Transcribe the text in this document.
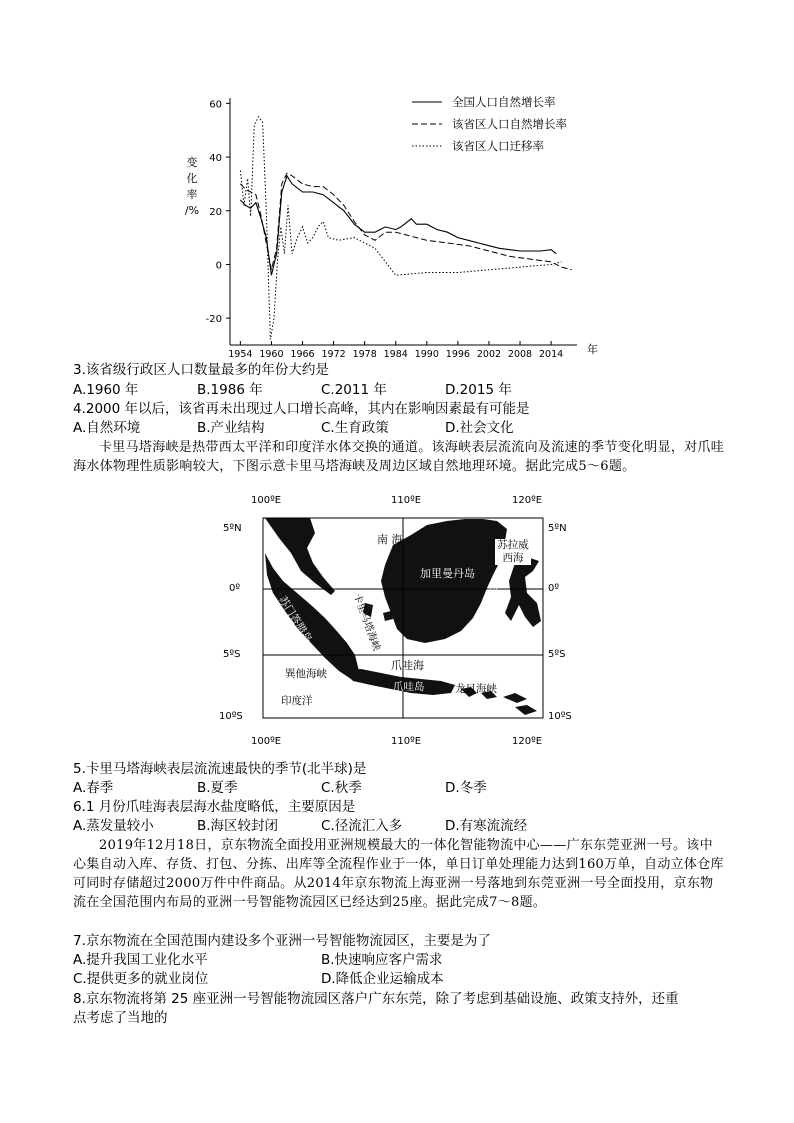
60
40
20
0
-20
1954 1960 1966 1972 1978 1984 1990 1996 2002 2008 2014 年
变
化
率
/%
全国人口自然增长率
该省区人口自然增长率
该省区人口迁移率
3.该省级行政区人口数量最多的年份大约是
A.1960 年	B.1986 年	C.2011 年	D.2015 年
4.2000 年以后，该省再未出现过人口增长高峰，其内在影响因素最有可能是
A.自然环境	B.产业结构	C.生育政策	D.社会文化
卡里马塔海峡是热带西太平洋和印度洋水体交换的通道。该海峡表层流流向及流速的季节变化明显，对爪哇海水体物理性质影响较大，下图示意卡里马塔海峡及周边区域自然地理环境。据此完成5～6题。
100ºE	110ºE	120ºE
100ºE	110ºE	120ºE
5ºN
0º
5ºS
10ºS
5ºN
0º
5ºS
10ºS
南 海	苏拉威
西海
加里曼丹岛
苏门答腊岛	卡里马塔海峡	望加锡海峡
巽他海峡
爪哇海
爪哇岛	龙目海峡
印度洋
5.卡里马塔海峡表层流流速最快的季节(北半球)是
A.春季	B.夏季	C.秋季	D.冬季
6.1 月份爪哇海表层海水盐度略低，主要原因是
A.蒸发量较小	B.海区较封闭	C.径流汇入多	D.有寒流流经
2019年12月18日，京东物流全面投用亚洲规模最大的一体化智能物流中心——广东东莞亚洲一号。该中心集自动入库、存货、打包、分拣、出库等全流程作业于一体，单日订单处理能力达到160万单，自动立体仓库可同时存储超过2000万件中件商品。从2014年京东物流上海亚洲一号落地到东莞亚洲一号全面投用，京东物流在全国范围内布局的亚洲一号智能物流园区已经达到25座。据此完成7～8题。
7.京东物流在全国范围内建设多个亚洲一号智能物流园区，主要是为了
A.提升我国工业化水平	B.快速响应客户需求
C.提供更多的就业岗位	D.降低企业运输成本
8.京东物流将第 25 座亚洲一号智能物流园区落户广东东莞，除了考虑到基础设施、政策支持外，还重
点考虑了当地的
